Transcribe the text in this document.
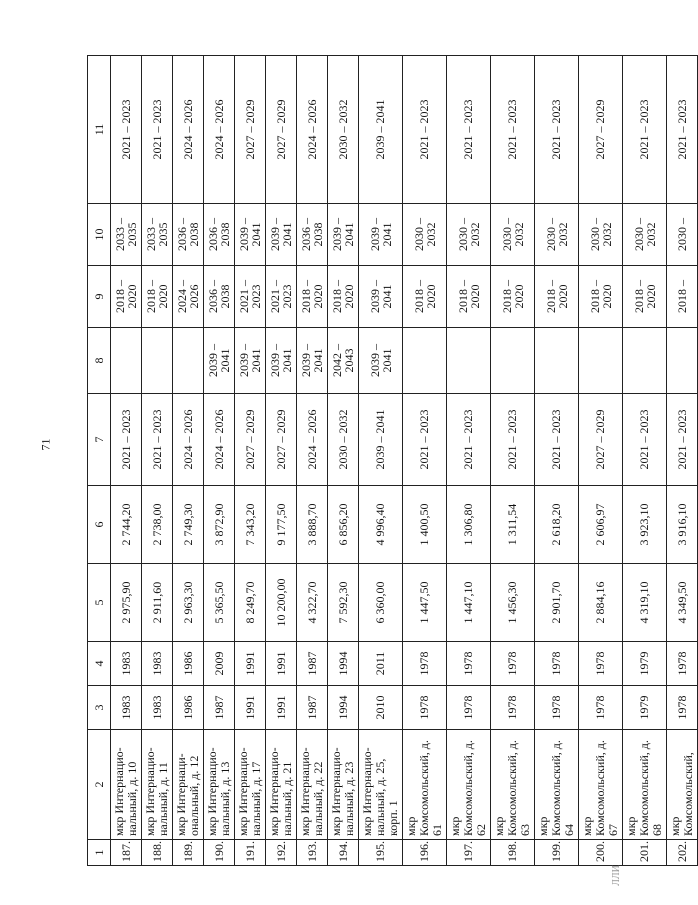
71
1	2	3	4	5	6	7	8	9	10	11
187.	мкр Интернацио-нальный, д. 10	1983	1983	2 975,90	2 744,20	2021 – 2023		2018 – 2020	2033 – 2035	2021 – 2023
188.	мкр Интернацио-нальный, д. 11	1983	1983	2 911,60	2 738,00	2021 – 2023		2018 – 2020	2033 – 2035	2021 – 2023
189.	мкр Интернаци-ональный, д. 12	1986	1986	2 963,30	2 749,30	2024 – 2026		2024 – 2026	2036 – 2038	2024 – 2026
190.	мкр Интернацио-нальный, д. 13	1987	2009	5 365,50	3 872,90	2024 – 2026	2039 – 2041	2036 – 2038	2036 – 2038	2024 – 2026
191.	мкр Интернацио-нальный, д. 17	1991	1991	8 249,70	7 343,20	2027 – 2029	2039 – 2041	2021 – 2023	2039 – 2041	2027 – 2029
192.	мкр Интернацио-нальный, д. 21	1991	1991	10 200,00	9 177,50	2027 – 2029	2039 – 2041	2021 – 2023	2039 – 2041	2027 – 2029
193.	мкр Интернацио-нальный, д. 22	1987	1987	4 322,70	3 888,70	2024 – 2026	2039 – 2041	2018 – 2020	2036 – 2038	2024 – 2026
194.	мкр Интернацио-нальный, д. 23	1994	1994	7 592,30	6 856,20	2030 – 2032	2042 – 2043	2018 – 2020	2039 – 2041	2030 – 2032
195.	мкр Интернацио-нальный, д. 25, корп. 1	2010	2011	6 360,00	4 996,40	2039 – 2041	2039 – 2041	2039 – 2041	2039 – 2041	2039 – 2041
196.	мкр Комсомольский, д. 61	1978	1978	1 447,50	1 400,50	2021 – 2023		2018 – 2020	2030 – 2032	2021 – 2023
197.	мкр Комсомольский, д. 62	1978	1978	1 447,10	1 306,80	2021 – 2023		2018 – 2020	2030 – 2032	2021 – 2023
198.	мкр Комсомольский, д. 63	1978	1978	1 456,30	1 311,54	2021 – 2023		2018 – 2020	2030 – 2032	2021 – 2023
199.	мкр Комсомольский, д. 64	1978	1978	2 901,70	2 618,20	2021 – 2023		2018 – 2020	2030 – 2032	2021 – 2023
200.	мкр Комсомольский, д. 67	1978	1978	2 884,16	2 606,97	2027 – 2029		2018 – 2020	2030 – 2032	2027 – 2029
201.	мкр Комсомольский, д. 68	1979	1979	4 319,10	3 923,10	2021 – 2023		2018 – 2020	2030 – 2032	2021 – 2023
202.	мкр Комсомольский,	1978	1978	4 349,50	3 916,10	2021 – 2023		2018 –	2030 –	2021 – 2023
ЛЛИ
